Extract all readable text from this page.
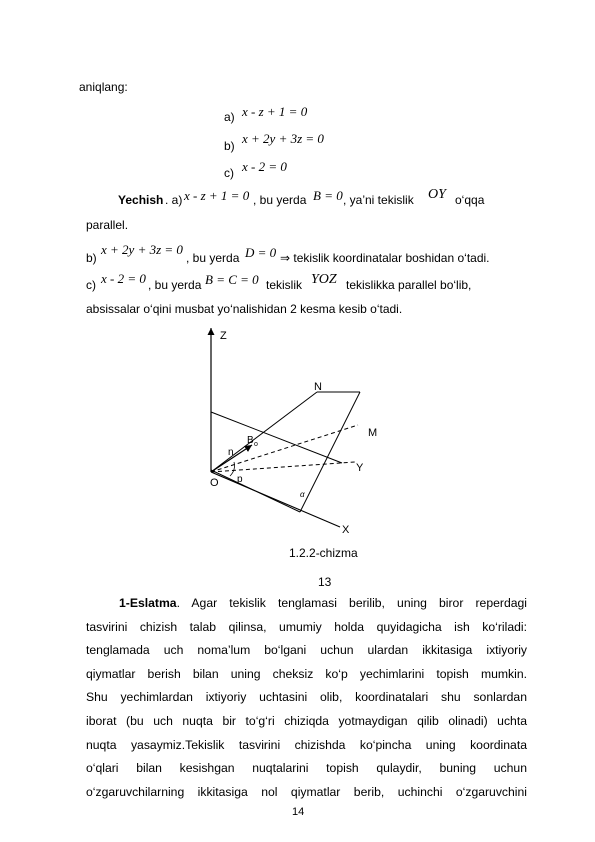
aniqlang:
a) x - z + 1 = 0
b) x + 2y + 3z = 0
c) x - 2 = 0
Yechish . a) x - z + 1 = 0 , bu yerda B = 0 , ya’ni tekislik OY o‘qqa
parallel.
b)
x + 2y + 3z = 0
, bu yerda D = 0 ⇒ tekislik koordinatalar boshidan o‘tadi.
c) x - 2 = 0 , bu yerda B = C = 0 tekislik YOZ tekislikka parallel bo‘lib,
absissalar o‘qini musbat yo‘nalishidan 2 kesma kesib o‘tadi.
Z
N
M
B o
n
Y
O p
α
X
1.2.2-chizma
13
1-Eslatma. Agar tekislik tenglamasi berilib, uning biror reperdagi
tasvirini chizish talab qilinsa, umumiy holda quyidagicha ish ko‘riladi:
tenglamada uch noma’lum bo‘lgani uchun ulardan ikkitasiga ixtiyoriy
qiymatlar berish bilan uning cheksiz ko‘p yechimlarini topish mumkin.
Shu yechimlardan ixtiyoriy uchtasini olib, koordinatalari shu sonlardan
iborat (bu uch nuqta bir to‘g‘ri chiziqda yotmaydigan qilib olinadi) uchta
nuqta yasaymiz.Tekislik tasvirini chizishda ko‘pincha uning koordinata
o‘qlari bilan kesishgan nuqtalarini topish qulaydir, buning uchun
o‘zgaruvchilarning ikkitasiga nol qiymatlar berib, uchinchi o‘zgaruvchini
14
